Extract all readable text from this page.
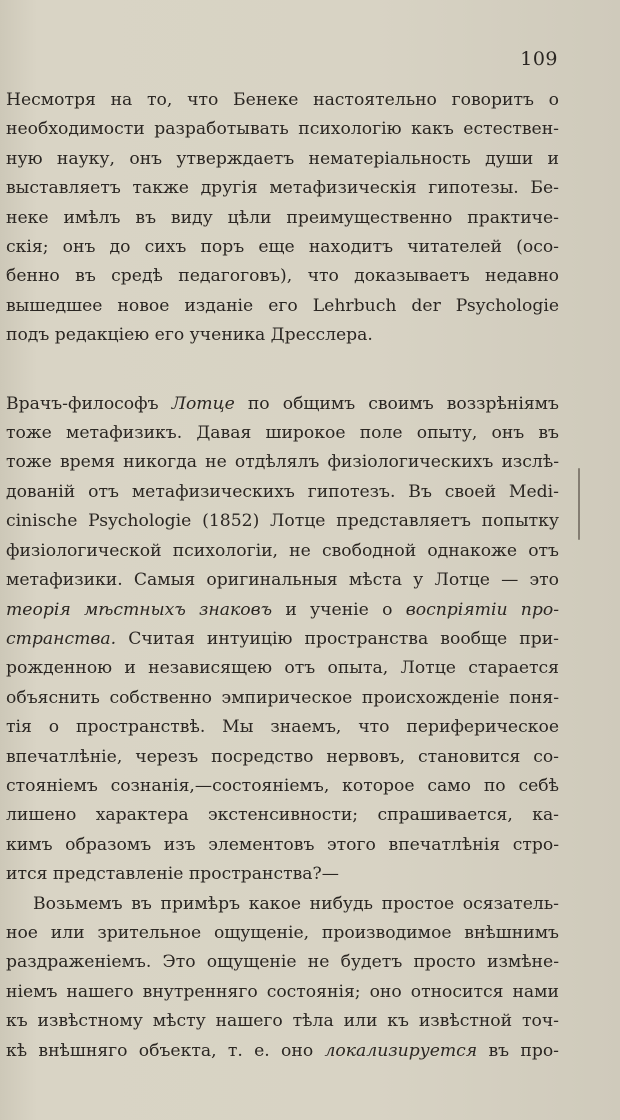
109
Несмотря на то, что Бенеке настоятельно говоритъ о
необходимости разработывать психологію какъ естествен-
ную науку, онъ утверждаетъ нематеріальность души и
выставляетъ также другія метафизическія гипотезы. Бе-
неке имѣлъ въ виду цѣли преимущественно практиче-
скія; онъ до сихъ поръ еще находитъ читателей (осо-
бенно въ средѣ педагоговъ), что доказываетъ недавно
вышедшее новое изданіе его Lehrbuch der Psychologie
подъ редакціею его ученика Дресслера.
Врачъ-философъ Лотце по общимъ своимъ воззрѣніямъ
тоже метафизикъ. Давая широкое поле опыту, онъ въ
тоже время никогда не отдѣлялъ физіологическихъ изслѣ-
дованій отъ метафизическихъ гипотезъ. Въ своей Medi-
cinische Psychologie (1852) Лотце представляетъ попытку
физіологической психологіи, не свободной однакоже отъ
метафизики. Самыя оригинальныя мѣста у Лотце — это
теорія мѣстныхъ знаковъ и ученіе о воспріятіи про-
странства. Считая интуицію пространства вообще при-
рожденною и независящею отъ опыта, Лотце старается
объяснить собственно эмпирическое происхожденіе поня-
тія о пространствѣ. Мы знаемъ, что периферическое
впечатлѣніе, черезъ посредство нервовъ, становится со-
стояніемъ сознанія,—состояніемъ, которое само по себѣ
лишено характера экстенсивности; спрашивается, ка-
кимъ образомъ изъ элементовъ этого впечатлѣнія стро-
ится представленіе пространства?—
Возьмемъ въ примѣръ какое нибудь простое осязатель-
ное или зрительное ощущеніе, производимое внѣшнимъ
раздраженіемъ. Это ощущеніе не будетъ просто измѣне-
ніемъ нашего внутренняго состоянія; оно относится нами
къ извѣстному мѣсту нашего тѣла или къ извѣстной точ-
кѣ внѣшняго объекта, т. е. оно локализируется въ про-
